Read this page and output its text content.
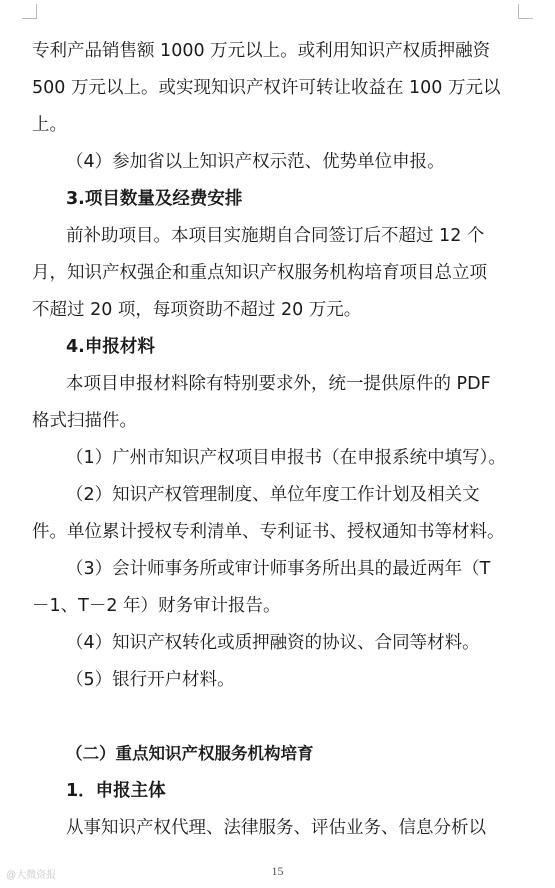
专利产品销售额 1000 万元以上。或利用知识产权质押融资
500 万元以上。或实现知识产权许可转让收益在 100 万元以
上。
（4）参加省以上知识产权示范、优势单位申报。
3.项目数量及经费安排
前补助项目。本项目实施期自合同签订后不超过 12 个
月，知识产权强企和重点知识产权服务机构培育项目总立项
不超过 20 项，每项资助不超过 20 万元。
4.申报材料
本项目申报材料除有特别要求外，统一提供原件的 PDF
格式扫描件。
（1）广州市知识产权项目申报书（在申报系统中填写）。
（2）知识产权管理制度、单位年度工作计划及相关文
件。单位累计授权专利清单、专利证书、授权通知书等材料。
（3）会计师事务所或审计师事务所出具的最近两年（T
－1、T－2 年）财务审计报告。
（4）知识产权转化或质押融资的协议、合同等材料。
（5）银行开户材料。
（二）重点知识产权服务机构培育
1．申报主体
从事知识产权代理、法律服务、评估业务、信息分析以
@大微资报	15
